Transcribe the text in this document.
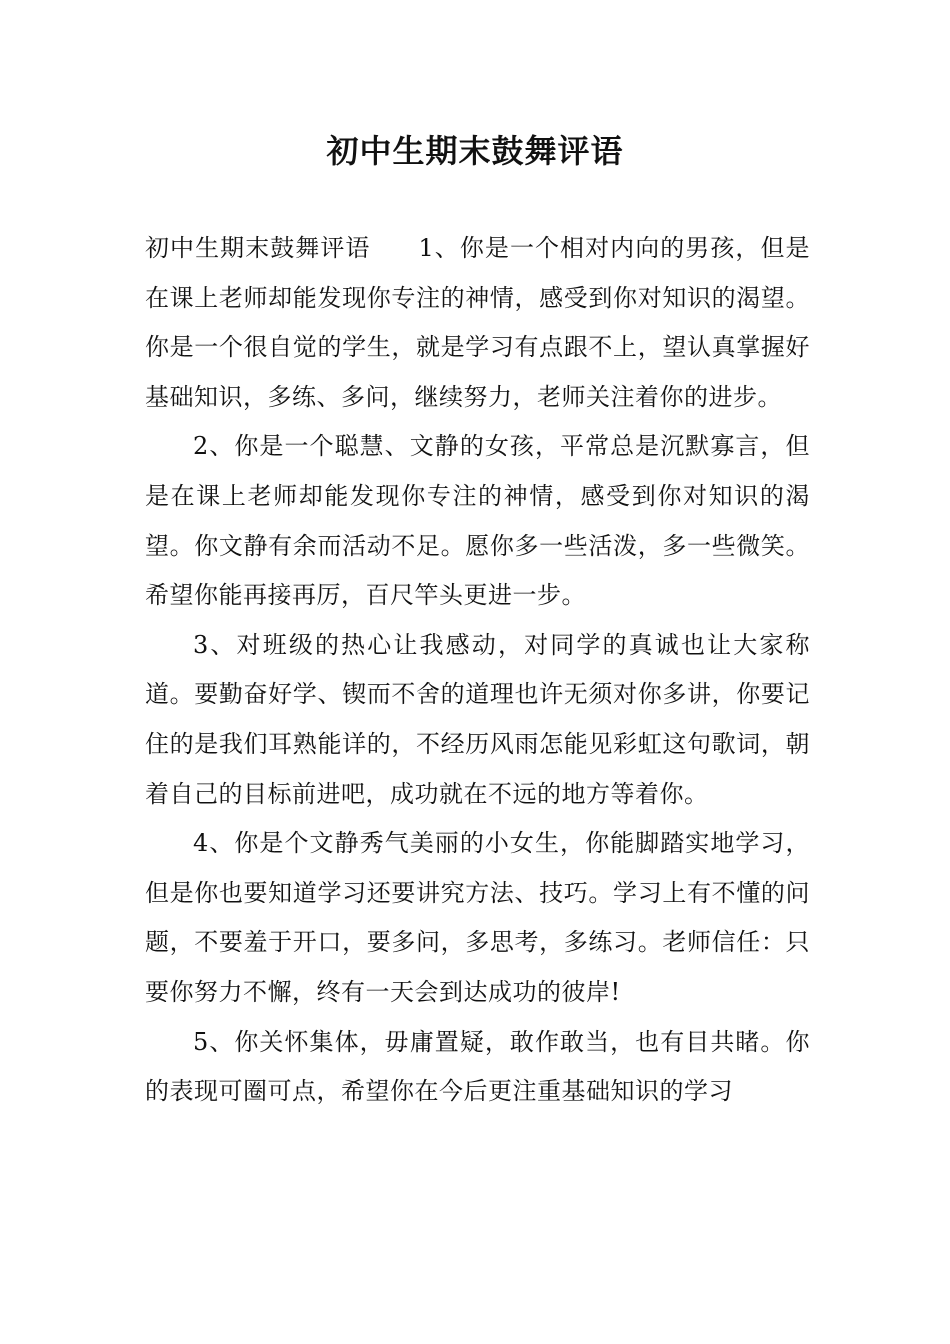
初中生期末鼓舞评语

初中生期末鼓舞评语 1、你是一个相对内向的男孩，但是在课上老师却能发现你专注的神情，感受到你对知识的渴望。你是一个很自觉的学生，就是学习有点跟不上，望认真掌握好基础知识，多练、多问，继续努力，老师关注着你的进步。

2、你是一个聪慧、文静的女孩，平常总是沉默寡言，但是在课上老师却能发现你专注的神情，感受到你对知识的渴望。你文静有余而活动不足。愿你多一些活泼，多一些微笑。希望你能再接再厉，百尺竿头更进一步。

3、对班级的热心让我感动，对同学的真诚也让大家称道。要勤奋好学、锲而不舍的道理也许无须对你多讲，你要记住的是我们耳熟能详的，不经历风雨怎能见彩虹这句歌词，朝着自己的目标前进吧，成功就在不远的地方等着你。

4、你是个文静秀气美丽的小女生，你能脚踏实地学习，但是你也要知道学习还要讲究方法、技巧。学习上有不懂的问题，不要羞于开口，要多问，多思考，多练习。老师信任：只要你努力不懈，终有一天会到达成功的彼岸!

5、你关怀集体，毋庸置疑，敢作敢当，也有目共睹。你的表现可圈可点，希望你在今后更注重基础知识的学习
